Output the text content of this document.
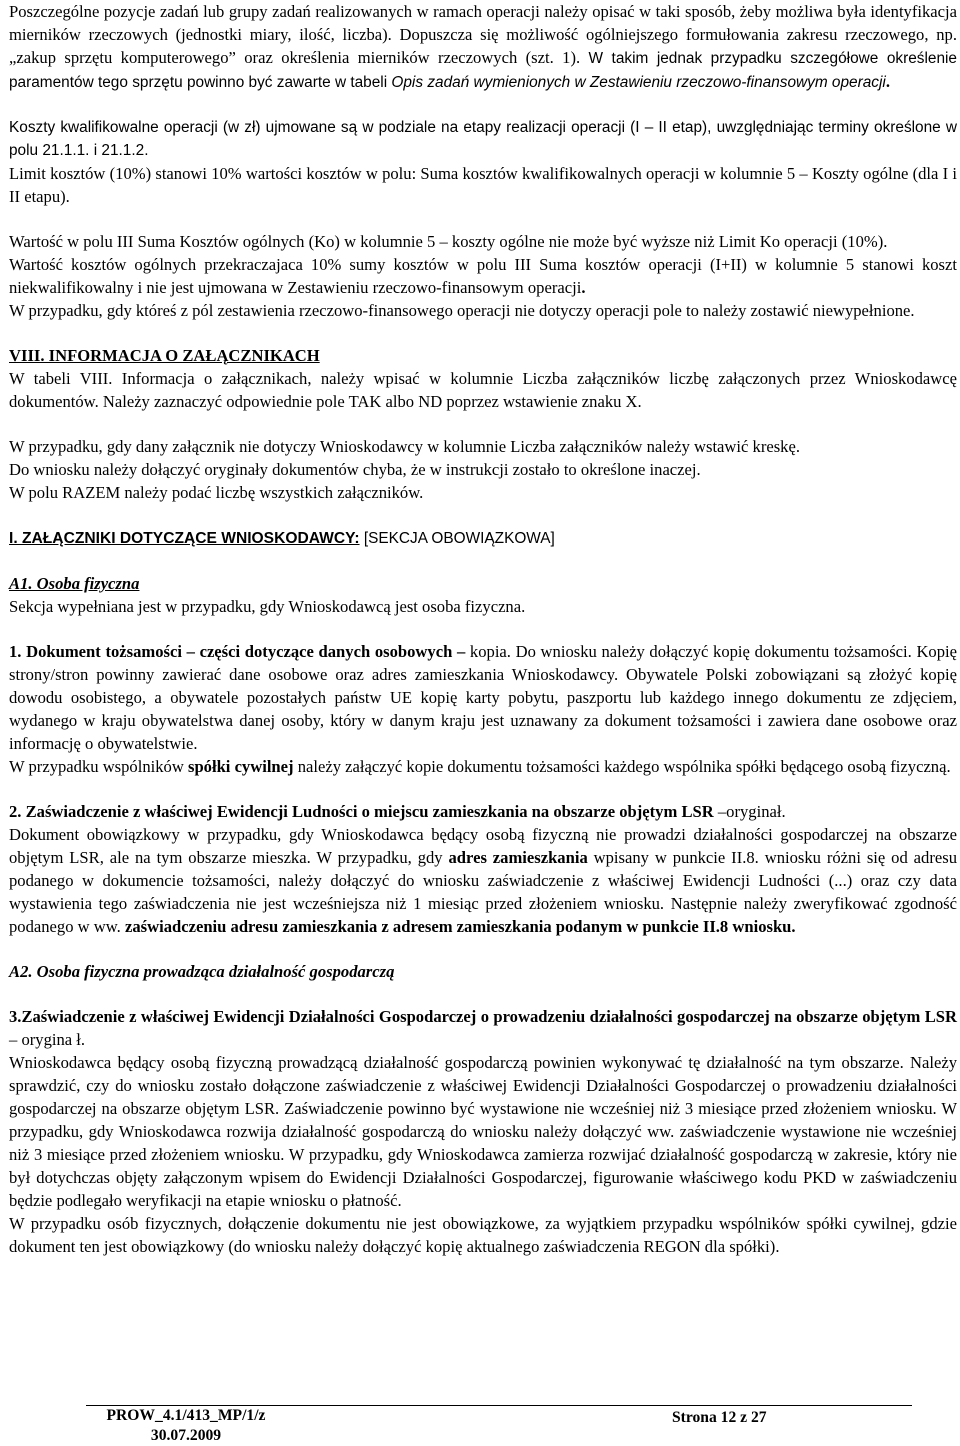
Poszczególne pozycje zadań lub grupy zadań realizowanych w ramach operacji należy opisać w taki sposób, żeby możliwa była identyfikacja mierników rzeczowych (jednostki miary, ilość, liczba). Dopuszcza się możliwość ogólniejszego formułowania zakresu rzeczowego, np. „zakup sprzętu komputerowego” oraz określenia mierników rzeczowych (szt. 1). W takim jednak przypadku szczegółowe określenie paramentów tego sprzętu powinno być zawarte w tabeli Opis zadań wymienionych w Zestawieniu rzeczowo-finansowym operacji.

Koszty kwalifikowalne operacji (w zł) ujmowane są w podziale na etapy realizacji operacji (I – II etap), uwzględniając terminy określone w polu 21.1.1. i 21.1.2.

Limit kosztów (10%) stanowi 10% wartości kosztów w polu: Suma kosztów kwalifikowalnych operacji w kolumnie 5 – Koszty ogólne (dla I i II etapu).

Wartość w polu III Suma Kosztów ogólnych (Ko) w kolumnie 5 – koszty ogólne nie może być wyższe niż Limit Ko operacji (10%).

Wartość kosztów ogólnych przekraczajaca 10% sumy kosztów w polu III Suma kosztów operacji (I+II) w kolumnie 5 stanowi koszt niekwalifikowalny i nie jest ujmowana w Zestawieniu rzeczowo-finansowym operacji.

W przypadku, gdy któreś z pól zestawienia rzeczowo-finansowego operacji nie dotyczy operacji pole to należy zostawić niewypełnione.

VIII. INFORMACJA O ZAŁĄCZNIKACH

W tabeli VIII. Informacja o załącznikach, należy wpisać w kolumnie Liczba załączników liczbę załączonych przez Wnioskodawcę dokumentów. Należy zaznaczyć odpowiednie pole TAK albo ND poprzez wstawienie znaku X.

W przypadku, gdy dany załącznik nie dotyczy Wnioskodawcy w kolumnie Liczba załączników należy wstawić kreskę.

Do wniosku należy dołączyć oryginały dokumentów chyba, że w instrukcji zostało to określone inaczej.

W polu RAZEM należy podać liczbę wszystkich załączników.

I. ZAŁĄCZNIKI DOTYCZĄCE WNIOSKODAWCY: [SEKCJA OBOWIĄZKOWA]

A1. Osoba fizyczna

Sekcja wypełniana jest w przypadku, gdy Wnioskodawcą jest osoba fizyczna.

1. Dokument tożsamości – części dotyczące danych osobowych – kopia. Do wniosku należy dołączyć kopię dokumentu tożsamości. Kopię strony/stron powinny zawierać dane osobowe oraz adres zamieszkania Wnioskodawcy. Obywatele Polski zobowiązani są złożyć kopię dowodu osobistego, a obywatele pozostałych państw UE kopię karty pobytu, paszportu lub każdego innego dokumentu ze zdjęciem, wydanego w kraju obywatelstwa danej osoby, który w danym kraju jest uznawany za dokument tożsamości i zawiera dane osobowe oraz informację o obywatelstwie.

W przypadku wspólników spółki cywilnej należy załączyć kopie dokumentu tożsamości każdego wspólnika spółki będącego osobą fizyczną.

2. Zaświadczenie z właściwej Ewidencji Ludności o miejscu zamieszkania na obszarze objętym LSR –oryginał.

Dokument obowiązkowy w przypadku, gdy Wnioskodawca będący osobą fizyczną nie prowadzi działalności gospodarczej na obszarze objętym LSR, ale na tym obszarze mieszka. W przypadku, gdy adres zamieszkania wpisany w punkcie II.8. wniosku różni się od adresu podanego w dokumencie tożsamości, należy dołączyć do wniosku zaświadczenie z właściwej Ewidencji Ludności (...) oraz czy data wystawienia tego zaświadczenia nie jest wcześniejsza niż 1 miesiąc przed złożeniem wniosku. Następnie należy zweryfikować zgodność podanego w ww. zaświadczeniu adresu zamieszkania z adresem zamieszkania podanym w punkcie II.8 wniosku.

A2. Osoba fizyczna prowadząca działalność gospodarczą

3.Zaświadczenie z właściwej Ewidencji Działalności Gospodarczej o prowadzeniu działalności gospodarczej na obszarze objętym LSR – orygina ł.

Wnioskodawca będący osobą fizyczną prowadzącą działalność gospodarczą powinien wykonywać tę działalność na tym obszarze. Należy sprawdzić, czy do wniosku zostało dołączone zaświadczenie z właściwej Ewidencji Działalności Gospodarczej o prowadzeniu działalności gospodarczej na obszarze objętym LSR. Zaświadczenie powinno być wystawione nie wcześniej niż 3 miesiące przed złożeniem wniosku. W przypadku, gdy Wnioskodawca rozwija działalność gospodarczą do wniosku należy dołączyć ww. zaświadczenie wystawione nie wcześniej niż 3 miesiące przed złożeniem wniosku. W przypadku, gdy Wnioskodawca zamierza rozwijać działalność gospodarczą w zakresie, który nie był dotychczas objęty załączonym wpisem do Ewidencji Działalności Gospodarczej, figurowanie właściwego kodu PKD w zaświadczeniu będzie podlegało weryfikacji na etapie wniosku o płatność.

W przypadku osób fizycznych, dołączenie dokumentu nie jest obowiązkowe, za wyjątkiem przypadku wspólników spółki cywilnej, gdzie dokument ten jest obowiązkowy (do wniosku należy dołączyć kopię aktualnego zaświadczenia REGON dla spółki).

PROW_4.1/413_MP/1/z
30.07.2009
Strona 12 z 27
